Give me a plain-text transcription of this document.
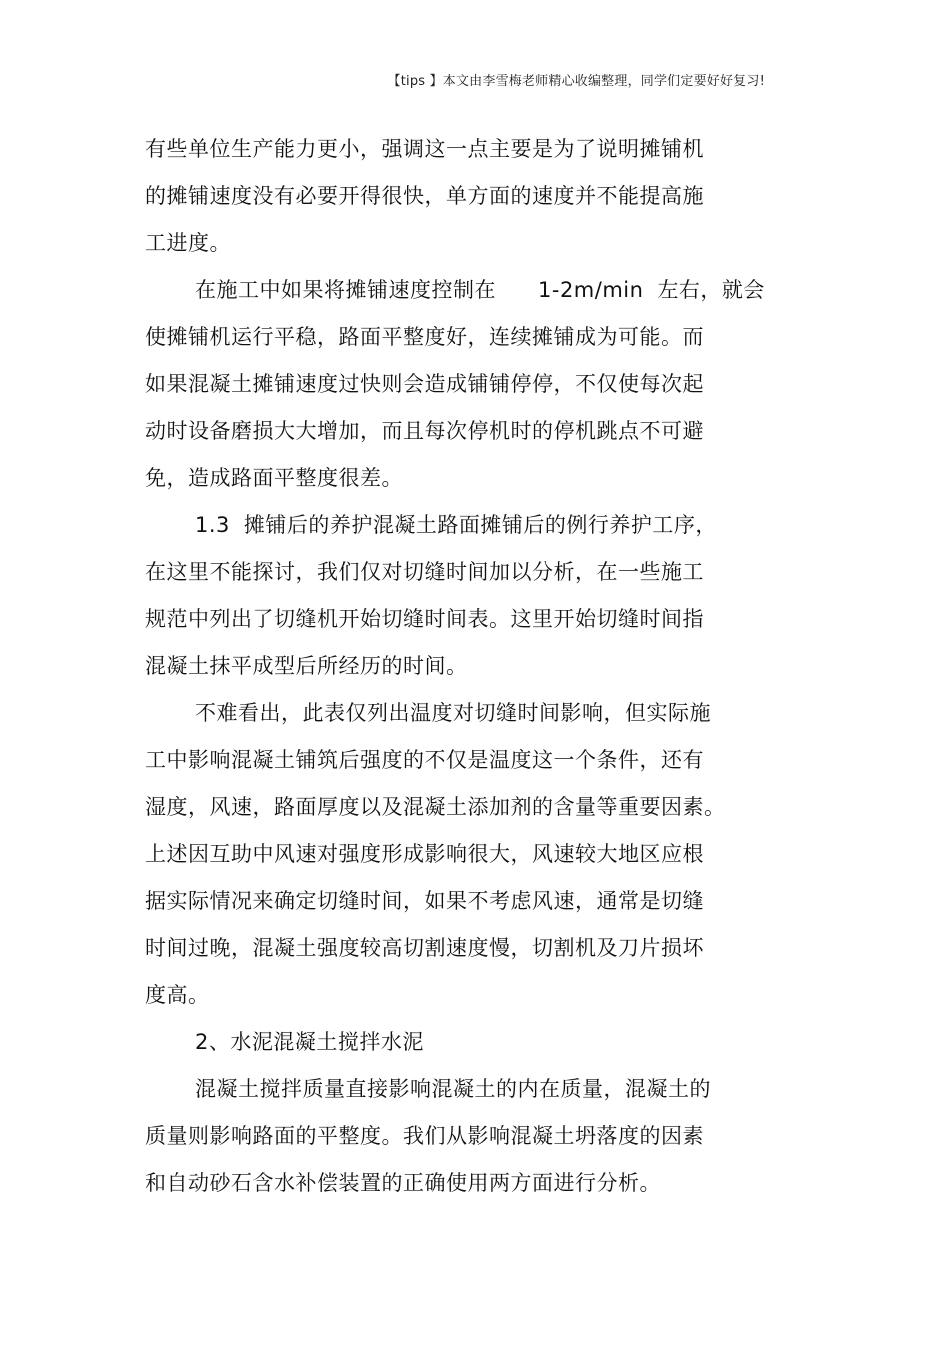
【tips 】本文由李雪梅老师精心收编整理，同学们定要好好复习!
有些单位生产能力更小，强调这一点主要是为了说明摊铺机
的摊铺速度没有必要开得很快，单方面的速度并不能提高施
工进度。
在施工中如果将摊铺速度控制在 1-2m/min 左右，就会
使摊铺机运行平稳，路面平整度好，连续摊铺成为可能。而
如果混凝土摊铺速度过快则会造成铺铺停停，不仅使每次起
动时设备磨损大大增加，而且每次停机时的停机跳点不可避
免，造成路面平整度很差。
1.3 摊铺后的养护混凝土路面摊铺后的例行养护工序，
在这里不能探讨，我们仅对切缝时间加以分析，在一些施工
规范中列出了切缝机开始切缝时间表。这里开始切缝时间指
混凝土抹平成型后所经历的时间。
不难看出，此表仅列出温度对切缝时间影响，但实际施
工中影响混凝土铺筑后强度的不仅是温度这一个条件，还有
湿度，风速，路面厚度以及混凝土添加剂的含量等重要因素。
上述因互助中风速对强度形成影响很大，风速较大地区应根
据实际情况来确定切缝时间，如果不考虑风速，通常是切缝
时间过晚，混凝土强度较高切割速度慢，切割机及刀片损坏
度高。
2、水泥混凝土搅拌水泥
混凝土搅拌质量直接影响混凝土的内在质量，混凝土的
质量则影响路面的平整度。我们从影响混凝土坍落度的因素
和自动砂石含水补偿装置的正确使用两方面进行分析。
